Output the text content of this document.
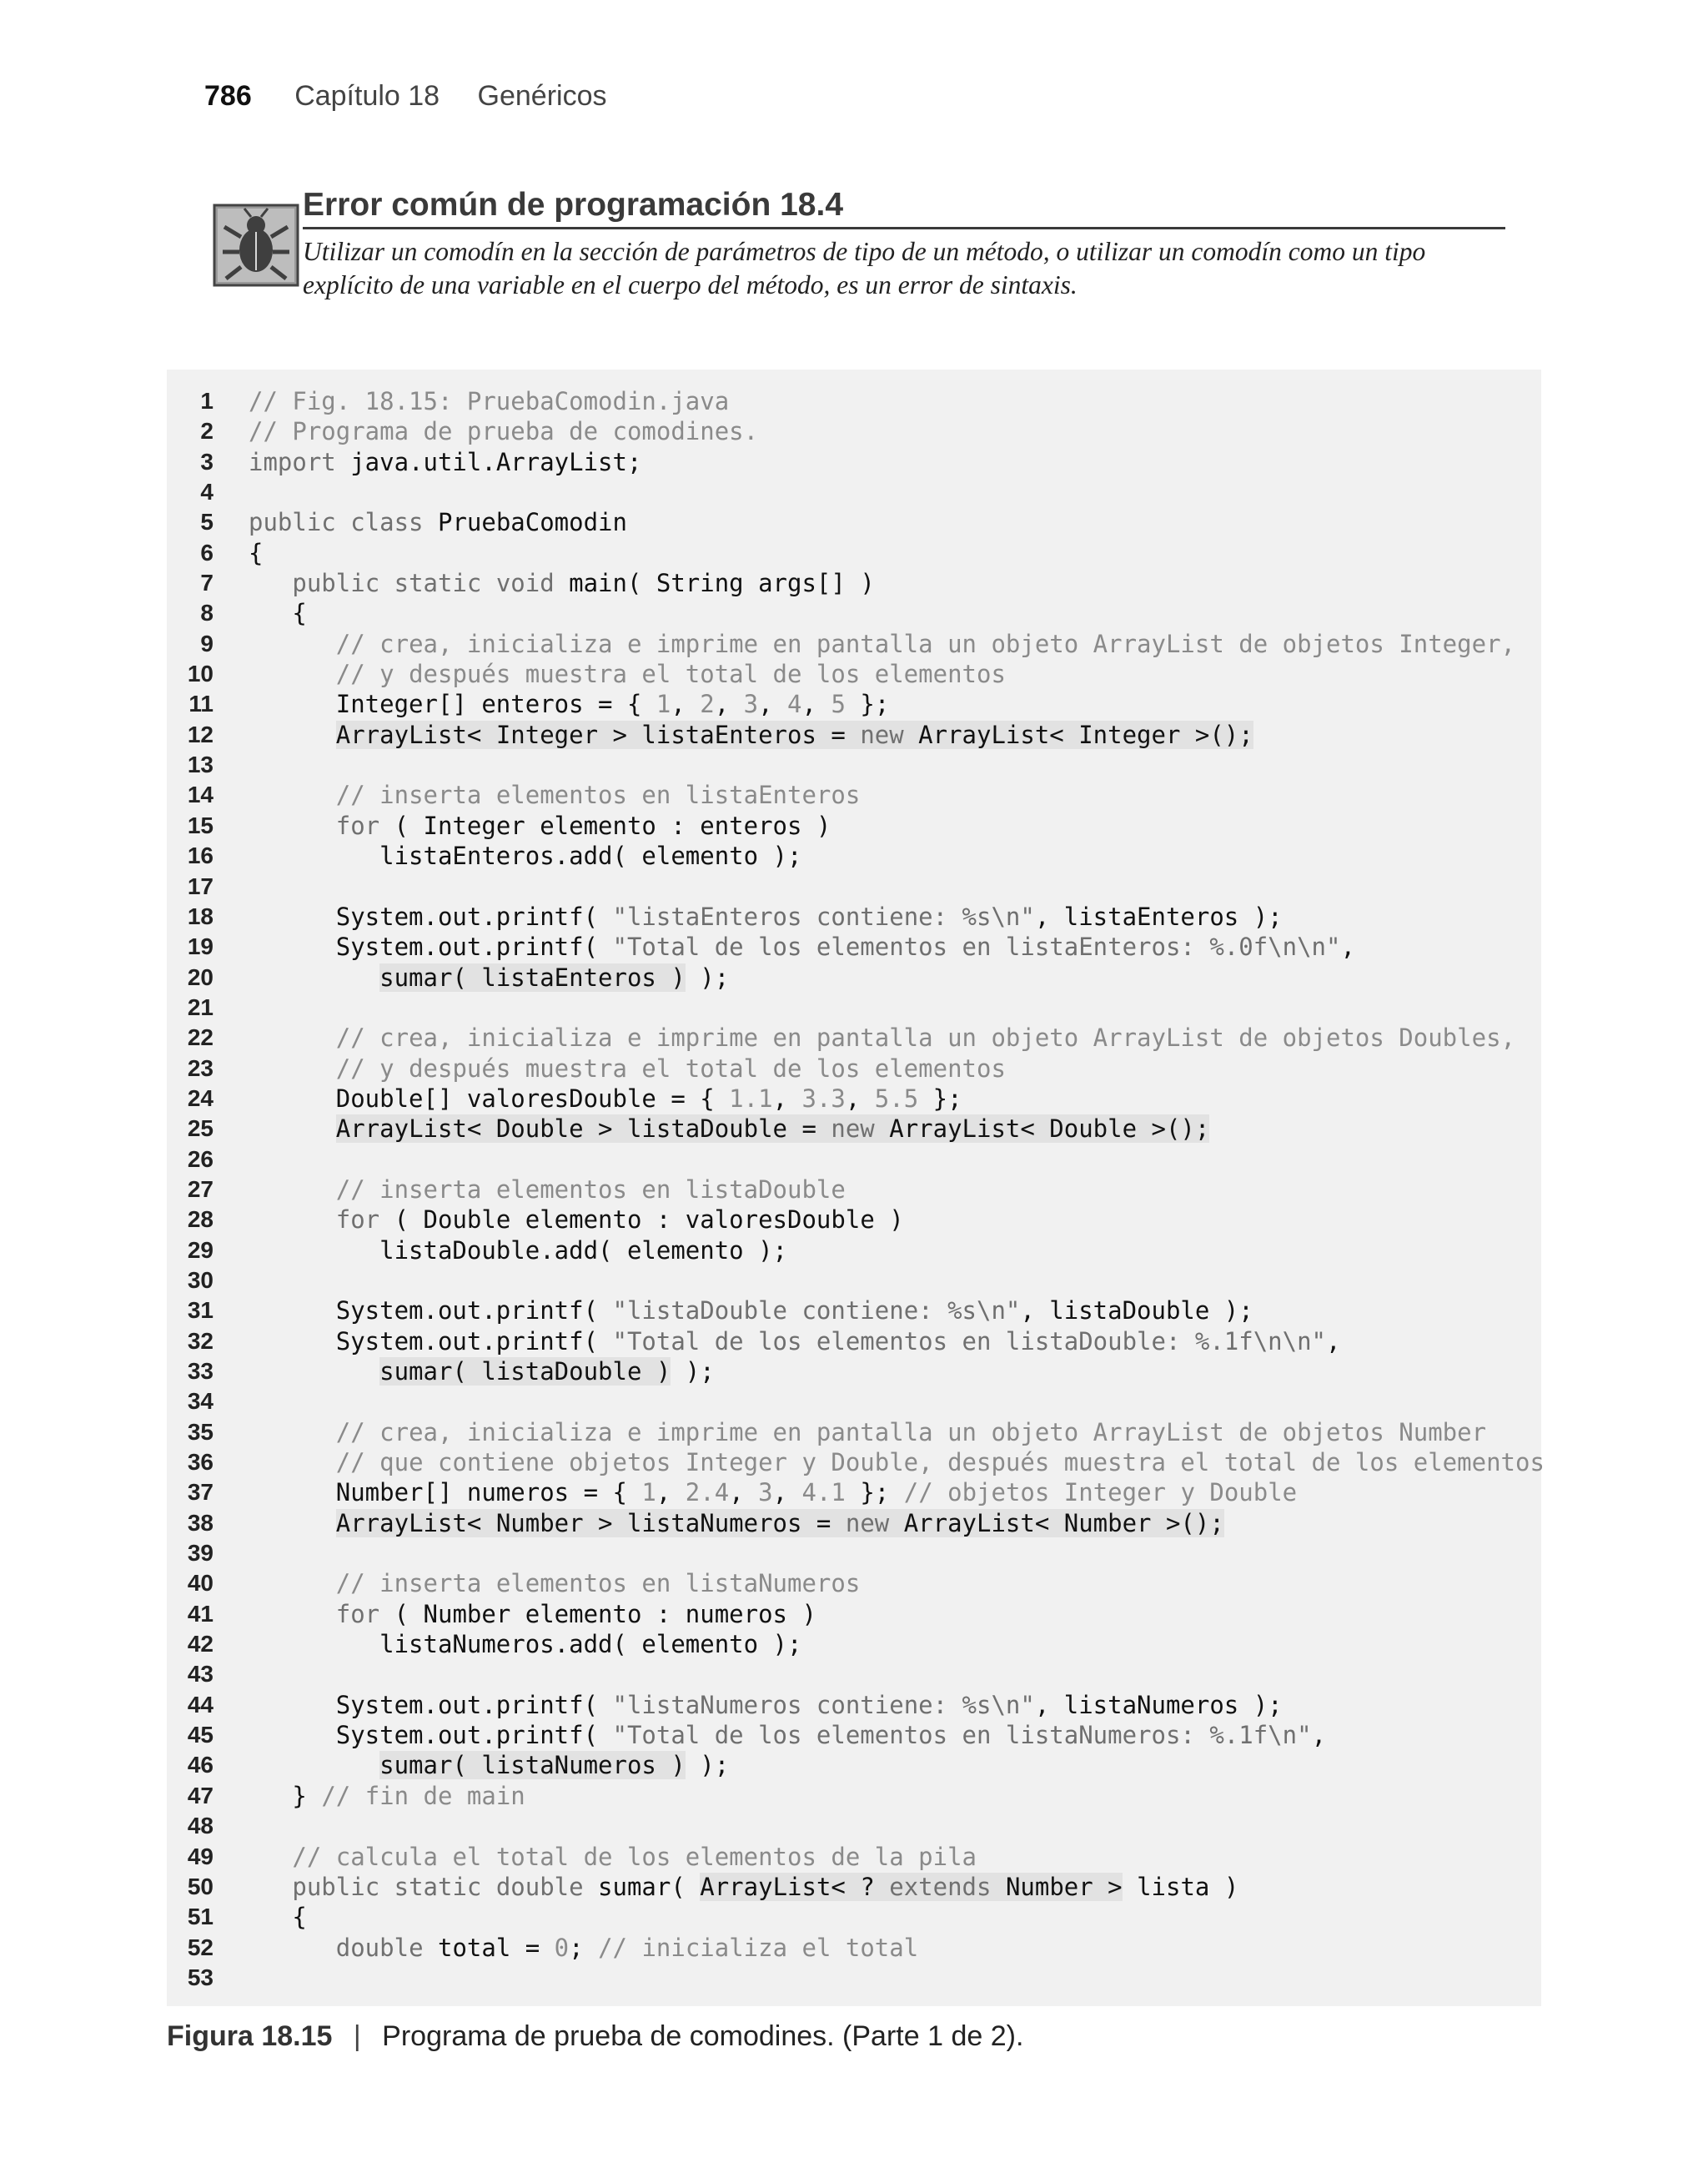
786 Capítulo 18 Genéricos
Error común de programación 18.4
Utilizar un comodín en la sección de parámetros de tipo de un método, o utilizar un comodín como un tipo explícito de una variable en el cuerpo del método, es un error de sintaxis.
1 // Fig. 18.15: PruebaComodin.java
2 // Programa de prueba de comodines.
3 import java.util.ArrayList;
4
5 public class PruebaComodin
6 {
7	public static void main( String args[] )
8 {
9	// crea, inicializa e imprime en pantalla un objeto ArrayList de objetos Integer,
10	// y después muestra el total de los elementos
11 Integer[] enteros = { 1, 2, 3, 4, 5 };
12	ArrayList< Integer > listaEnteros = new ArrayList< Integer >();
13
14	// inserta elementos en listaEnteros
15	for ( Integer elemento : enteros )
16 listaEnteros.add( elemento );
17
18 System.out.printf( "listaEnteros contiene: %s\n", listaEnteros );
19 System.out.printf( "Total de los elementos en listaEnteros: %.0f\n\n",
20	sumar( listaEnteros ) );
21
22	// crea, inicializa e imprime en pantalla un objeto ArrayList de objetos Doubles,
23	// y después muestra el total de los elementos
24 Double[] valoresDouble = { 1.1, 3.3, 5.5 };
25	ArrayList< Double > listaDouble = new ArrayList< Double >();
26
27	// inserta elementos en listaDouble
28	for ( Double elemento : valoresDouble )
29 listaDouble.add( elemento );
30
31 System.out.printf( "listaDouble contiene: %s\n", listaDouble );
32 System.out.printf( "Total de los elementos en listaDouble: %.1f\n\n",
33	sumar( listaDouble ) );
34
35	// crea, inicializa e imprime en pantalla un objeto ArrayList de objetos Number
36	// que contiene objetos Integer y Double, después muestra el total de los elementos
37 Number[] numeros = { 1, 2.4, 3, 4.1 }; // objetos Integer y Double
38	ArrayList< Number > listaNumeros = new ArrayList< Number >();
39
40	// inserta elementos en listaNumeros
41	for ( Number elemento : numeros )
42 listaNumeros.add( elemento );
43
44 System.out.printf( "listaNumeros contiene: %s\n", listaNumeros );
45 System.out.printf( "Total de los elementos en listaNumeros: %.1f\n",
46	sumar( listaNumeros ) );
47 } // fin de main
48
49	// calcula el total de los elementos de la pila
50	public static double sumar( ArrayList< ? extends Number > lista )
51 {
52	double total = 0; // inicializa el total
53
Figura 18.15 | Programa de prueba de comodines. (Parte 1 de 2).
